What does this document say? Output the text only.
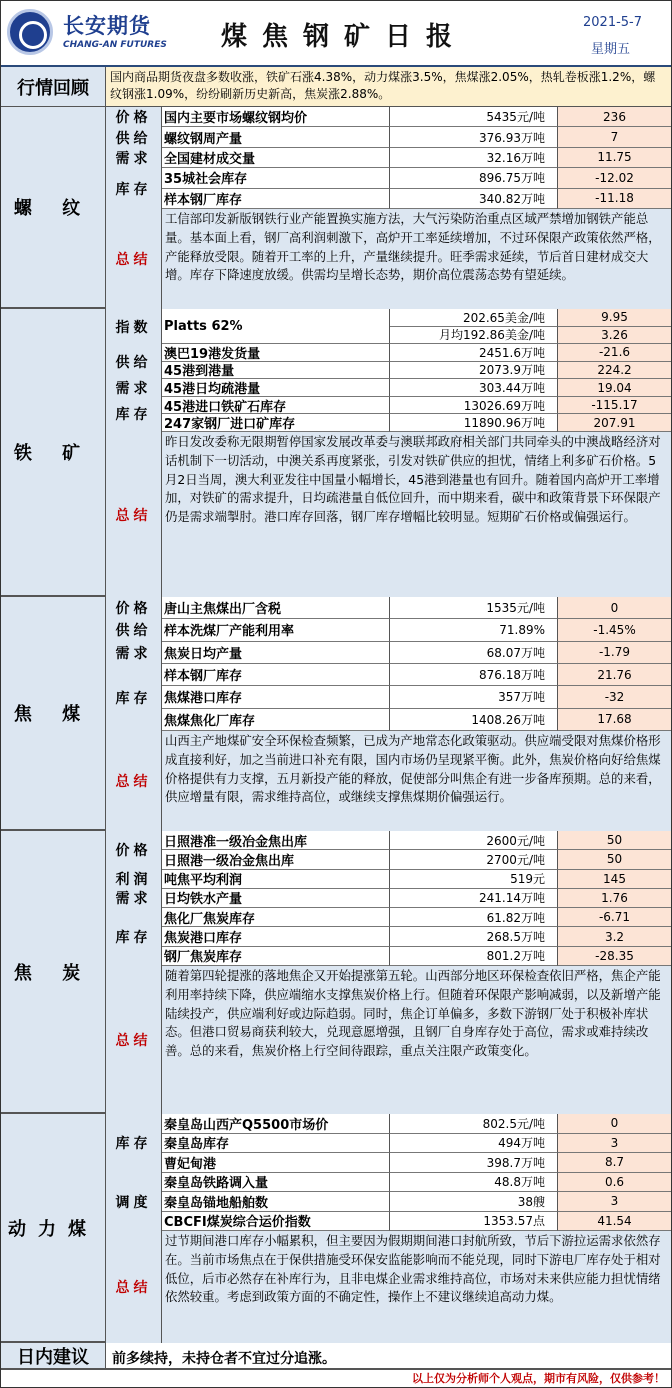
长安期货
CHANG-AN FUTURES 煤焦钢矿日报	2021-5-7
星期五
行情回顾
国内商品期货夜盘多数收涨，铁矿石涨4.38%，动力煤涨3.5%，焦煤涨2.05%，热轧卷板涨1.2%，螺纹钢涨1.09%，纷纷刷新历史新高，焦炭涨2.88%。
螺 纹
价格
供给
需求
库存
国内主要市场螺纹钢均价	5435元/吨	236
螺纹钢周产量	376.93万吨	7
全国建材成交量	32.16万吨	11.75
35城社会库存	896.75万吨	-12.02
样本钢厂库存	340.82万吨	-11.18
总结
工信部印发新版钢铁行业产能置换实施方法，大气污染防治重点区域严禁增加钢铁产能总量。基本面上看，钢厂高利润刺激下，高炉开工率延续增加，不过环保限产政策依然严格，产能释放受限。随着开工率的上升，产量继续提升。旺季需求延续，节后首日建材成交大增。库存下降速度放缓。供需均呈增长态势，期价高位震荡态势有望延续。
铁 矿
指数
供给
需求
库存
Platts 62%
202.65美金/吨	9.95
月均192.86美金/吨	3.26
澳巴19港发货量	2451.6万吨	-21.6
45港到港量	2073.9万吨	224.2
45港日均疏港量	303.44万吨	19.04
45港进口铁矿石库存	13026.69万吨	-115.17
247家钢厂进口矿库存	11890.96万吨	207.91
总结
昨日发改委称无限期暂停国家发展改革委与澳联邦政府相关部门共同牵头的中澳战略经济对话机制下一切活动，中澳关系再度紧张，引发对铁矿供应的担忧，情绪上利多矿石价格。5月2日当周，澳大利亚发往中国量小幅增长，45港到港量也有回升。随着国内高炉开工率增加，对铁矿的需求提升，日均疏港量自低位回升，而中期来看，碳中和政策背景下环保限产仍是需求端掣肘。港口库存回落，钢厂库存增幅比较明显。短期矿石价格或偏强运行。
焦 煤
价格
供给
需求
库存
唐山主焦煤出厂含税	1535元/吨	0
样本洗煤厂产能利用率	71.89%	-1.45%
焦炭日均产量	68.07万吨	-1.79
样本钢厂库存	876.18万吨	21.76
焦煤港口库存	357万吨	-32
焦煤焦化厂库存	1408.26万吨	17.68
总结
山西主产地煤矿安全环保检查频繁，已成为产地常态化政策驱动。供应端受限对焦煤价格形成直接利好，加之当前进口补充有限，国内市场仍呈现紧平衡。此外，焦炭价格向好给焦煤价格提供有力支撑，五月新投产能的释放，促使部分叫焦企有进一步备库预期。总的来看，供应增量有限，需求维持高位，或继续支撑焦煤期价偏强运行。
焦 炭
价格
利润
需求
库存
日照港准一级冶金焦出库	2600元/吨	50
日照港一级冶金焦出库	2700元/吨	50
吨焦平均利润	519元	145
日均铁水产量	241.14万吨	1.76
焦化厂焦炭库存	61.82万吨	-6.71
焦炭港口库存	268.5万吨	3.2
钢厂焦炭库存	801.2万吨	-28.35
总结
随着第四轮提涨的落地焦企又开始提涨第五轮。山西部分地区环保检查依旧严格，焦企产能利用率持续下降，供应端缩水支撑焦炭价格上行。但随着环保限产影响减弱，以及新增产能陆续投产，供应端利好或边际趋弱。同时，焦企订单偏多，多数下游钢厂处于积极补库状态。但港口贸易商获利较大，兑现意愿增强，且钢厂自身库存处于高位，需求或难持续改善。总的来看，焦炭价格上行空间待跟踪，重点关注限产政策变化。
动力煤
库存
调度
秦皇岛山西产Q5500市场价	802.5元/吨	0
秦皇岛库存	494万吨	3
曹妃甸港	398.7万吨	8.7
秦皇岛铁路调入量	48.8万吨	0.6
秦皇岛锚地船舶数	38艘	3
CBCFI煤炭综合运价指数	1353.57点	41.54
总结
过节期间港口库存小幅累积，但主要因为假期期间港口封航所致，节后下游拉运需求依然存在。当前市场焦点在于保供措施受环保安监能影响而不能兑现，同时下游电厂库存处于相对低位，后市必然存在补库行为，且非电煤企业需求维持高位，市场对未来供应能力担忧情绪依然较重。考虑到政策方面的不确定性，操作上不建议继续追高动力煤。
日内建议	前多续持，未持仓者不宜过分追涨。
以上仅为分析师个人观点，期市有风险，仅供参考！
